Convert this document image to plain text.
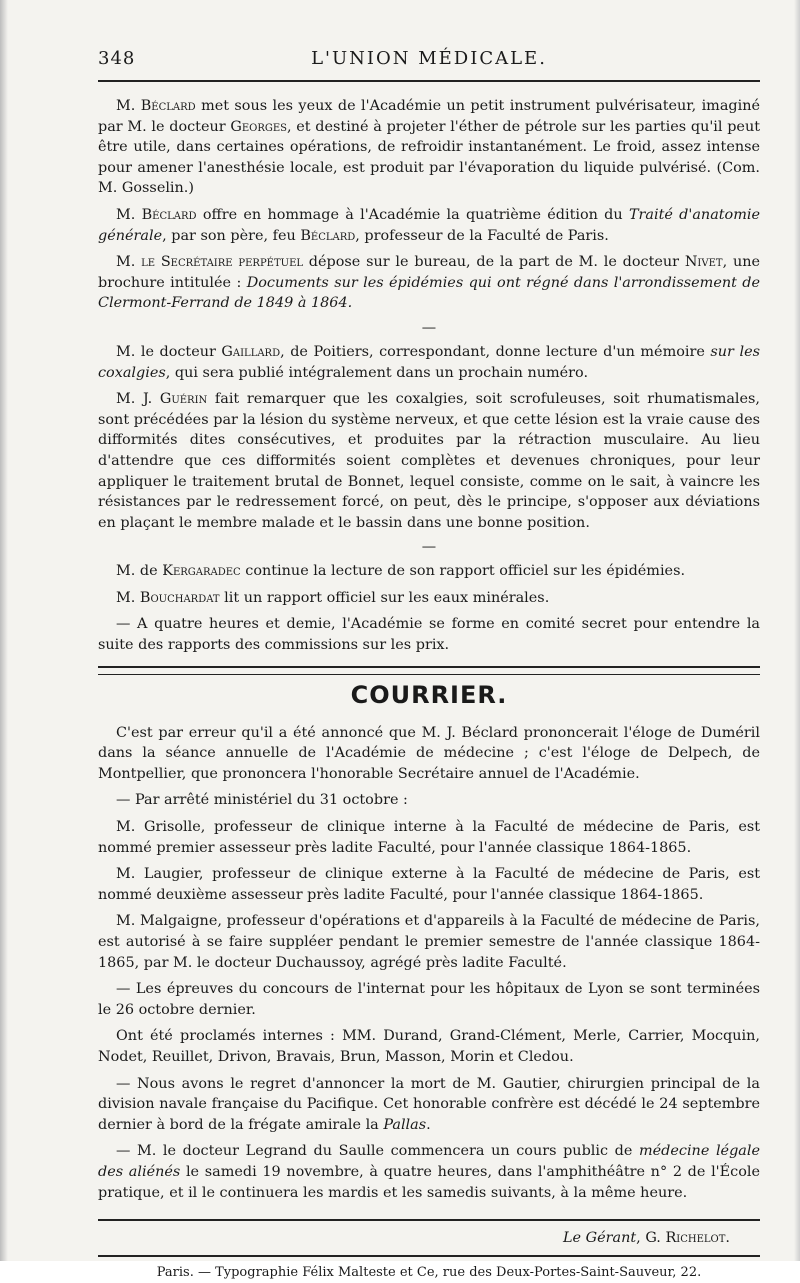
348	L'UNION MÉDICALE.

M. Béclard met sous les yeux de l'Académie un petit instrument pulvérisateur, imaginé par M. le docteur Georges, et destiné à projeter l'éther de pétrole sur les parties qu'il peut être utile, dans certaines opérations, de refroidir instantanément. Le froid, assez intense pour amener l'anesthésie locale, est produit par l'évaporation du liquide pulvérisé. (Com. M. Gosselin.)

M. Béclard offre en hommage à l'Académie la quatrième édition du Traité d'anatomie générale, par son père, feu Béclard, professeur de la Faculté de Paris.

M. le Secrétaire perpétuel dépose sur le bureau, de la part de M. le docteur Nivet, une brochure intitulée : Documents sur les épidémies qui ont régné dans l'arrondissement de Clermont-Ferrand de 1849 à 1864.

—

M. le docteur Gaillard, de Poitiers, correspondant, donne lecture d'un mémoire sur les coxalgies, qui sera publié intégralement dans un prochain numéro.

M. J. Guérin fait remarquer que les coxalgies, soit scrofuleuses, soit rhumatismales, sont précédées par la lésion du système nerveux, et que cette lésion est la vraie cause des difformités dites consécutives, et produites par la rétraction musculaire. Au lieu d'attendre que ces difformités soient complètes et devenues chroniques, pour leur appliquer le traitement brutal de Bonnet, lequel consiste, comme on le sait, à vaincre les résistances par le redressement forcé, on peut, dès le principe, s'opposer aux déviations en plaçant le membre malade et le bassin dans une bonne position.

—

M. de Kergaradec continue la lecture de son rapport officiel sur les épidémies.

M. Bouchardat lit un rapport officiel sur les eaux minérales.

— A quatre heures et demie, l'Académie se forme en comité secret pour entendre la suite des rapports des commissions sur les prix.

COURRIER.

C'est par erreur qu'il a été annoncé que M. J. Béclard prononcerait l'éloge de Duméril dans la séance annuelle de l'Académie de médecine ; c'est l'éloge de Delpech, de Montpellier, que prononcera l'honorable Secrétaire annuel de l'Académie.

— Par arrêté ministériel du 31 octobre :

M. Grisolle, professeur de clinique interne à la Faculté de médecine de Paris, est nommé premier assesseur près ladite Faculté, pour l'année classique 1864-1865.

M. Laugier, professeur de clinique externe à la Faculté de médecine de Paris, est nommé deuxième assesseur près ladite Faculté, pour l'année classique 1864-1865.

M. Malgaigne, professeur d'opérations et d'appareils à la Faculté de médecine de Paris, est autorisé à se faire suppléer pendant le premier semestre de l'année classique 1864-1865, par M. le docteur Duchaussoy, agrégé près ladite Faculté.

— Les épreuves du concours de l'internat pour les hôpitaux de Lyon se sont terminées le 26 octobre dernier.

Ont été proclamés internes : MM. Durand, Grand-Clément, Merle, Carrier, Mocquin, Nodet, Reuillet, Drivon, Bravais, Brun, Masson, Morin et Cledou.

— Nous avons le regret d'annoncer la mort de M. Gautier, chirurgien principal de la division navale française du Pacifique. Cet honorable confrère est décédé le 24 septembre dernier à bord de la frégate amirale la Pallas.

— M. le docteur Legrand du Saulle commencera un cours public de médecine légale des aliénés le samedi 19 novembre, à quatre heures, dans l'amphithéâtre n° 2 de l'École pratique, et il le continuera les mardis et les samedis suivants, à la même heure.

Le Gérant, G. Richelot.
Paris. — Typographie Félix Malteste et Ce, rue des Deux-Portes-Saint-Sauveur, 22.
